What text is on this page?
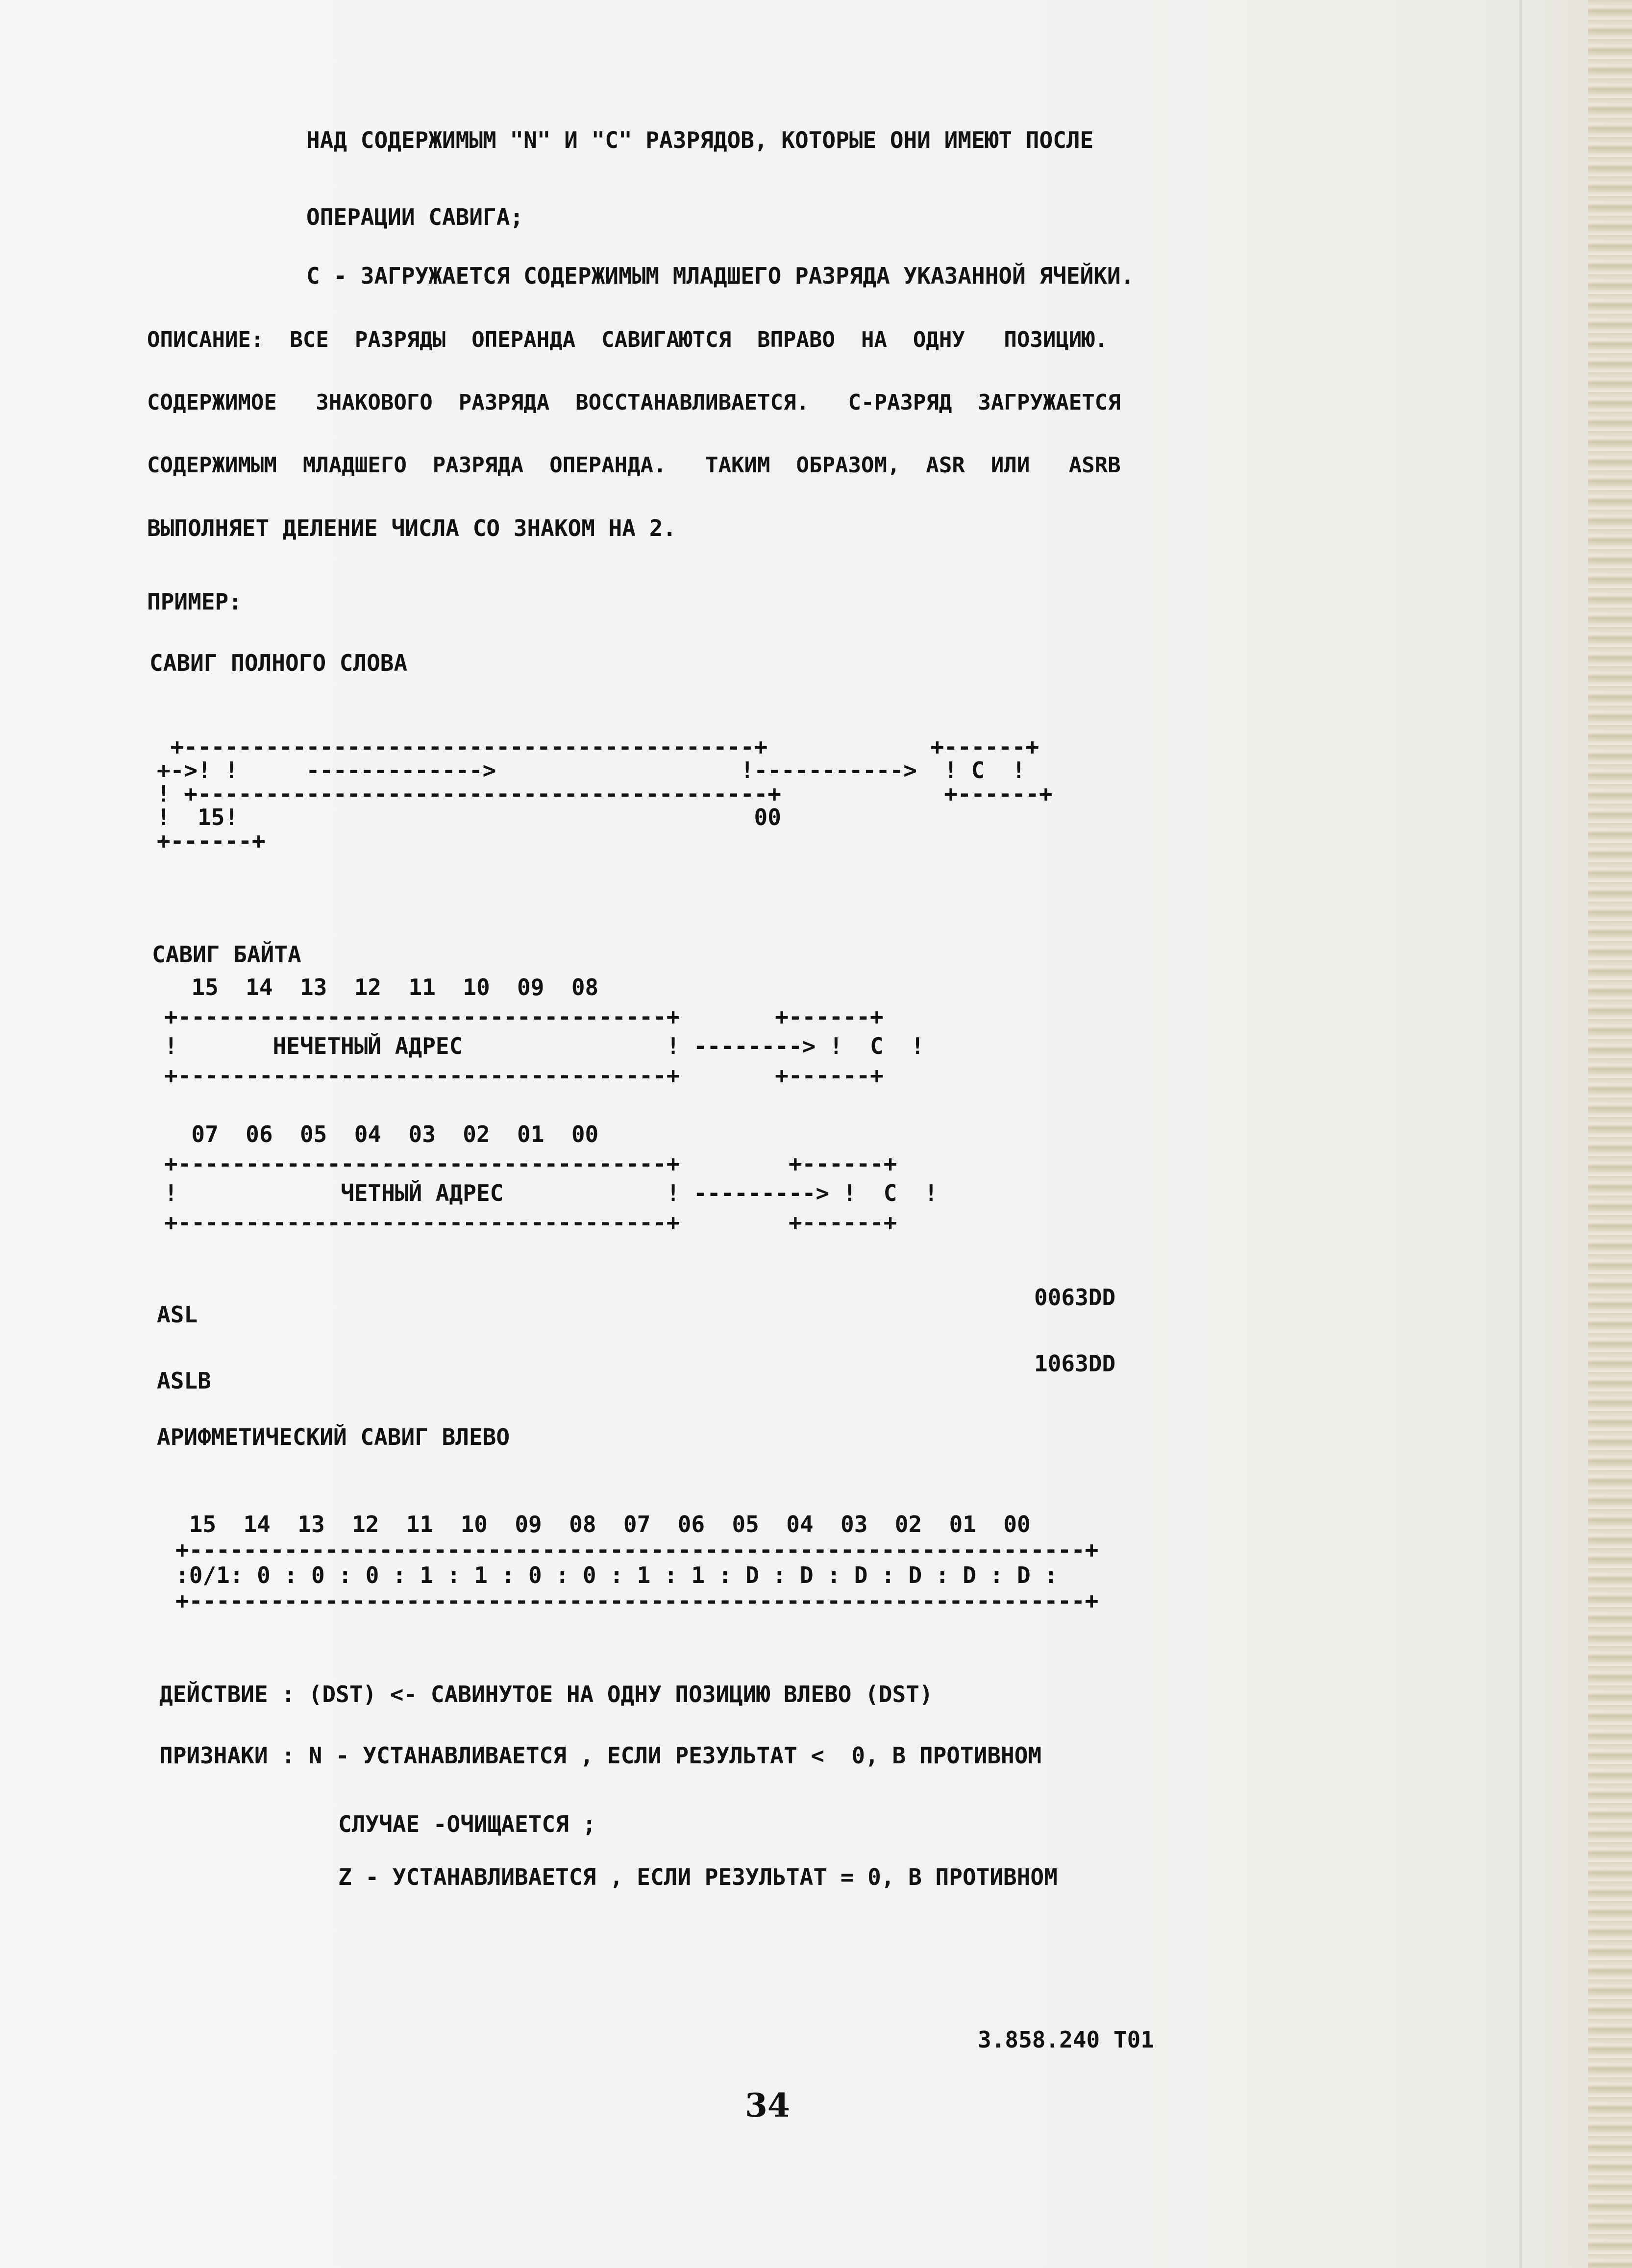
НАД СОДЕРЖИМЫМ "N" И "C" РАЗРЯДОВ, КОТОРЫЕ ОНИ ИМЕЮТ ПОСЛЕ

ОПЕРАЦИИ САВИГА;

С - ЗАГРУЖАЕТСЯ СОДЕРЖИМЫМ МЛАДШЕГО РАЗРЯДА УКАЗАННОЙ ЯЧЕЙКИ.

ОПИСАНИЕ:  ВСЕ  РАЗРЯДЫ  ОПЕРАНДА  САВИГАЮТСЯ  ВПРАВО  НА  ОДНУ   ПОЗИЦИЮ.

СОДЕРЖИМОЕ   ЗНАКОВОГО  РАЗРЯДА  ВОССТАНАВЛИВАЕТСЯ.   С-РАЗРЯД  ЗАГРУЖАЕТСЯ

СОДЕРЖИМЫМ  МЛАДШЕГО  РАЗРЯДА  ОПЕРАНДА.   ТАКИМ  ОБРАЗОМ,  ASR  ИЛИ   ASRB

ВЫПОЛНЯЕТ ДЕЛЕНИЕ ЧИСЛА СО ЗНАКОМ НА 2.

ПРИМЕР:

САВИГ ПОЛНОГО СЛОВА

+------------------------------------------+            +------+
+->! !     ------------->                  !----------->  ! C  !
! +------------------------------------------+            +------+
!  15!                                      00
+------+

САВИГ БАЙТА

15  14  13  12  11  10  09  08
+------------------------------------+       +------+
!       НЕЧЕТНЫЙ АДРЕС               ! --------> !  C  !
+------------------------------------+       +------+

07  06  05  04  03  02  01  00
+------------------------------------+        +------+
!            ЧЕТНЫЙ АДРЕС            ! ---------> !  C  !
+------------------------------------+        +------+

ASL

0063DD

ASLB

1063DD

АРИФМЕТИЧЕСКИЙ САВИГ ВЛЕВО

15  14  13  12  11  10  09  08  07  06  05  04  03  02  01  00
+------------------------------------------------------------------+
:0/1: 0 : 0 : 0 : 1 : 1 : 0 : 0 : 1 : 1 : D : D : D : D : D : D :
+------------------------------------------------------------------+

ДЕЙСТВИЕ : (DST) <- САВИНУТОЕ НА ОДНУ ПОЗИЦИЮ ВЛЕВО (DST)

ПРИЗНАКИ : N - УСТАНАВЛИВАЕТСЯ , ЕСЛИ РЕЗУЛЬТАТ <  0, В ПРОТИВНОМ

СЛУЧАЕ -ОЧИЩАЕТСЯ ;

Z - УСТАНАВЛИВАЕТСЯ , ЕСЛИ РЕЗУЛЬТАТ = 0, В ПРОТИВНОМ

3.858.240 Т01

34
